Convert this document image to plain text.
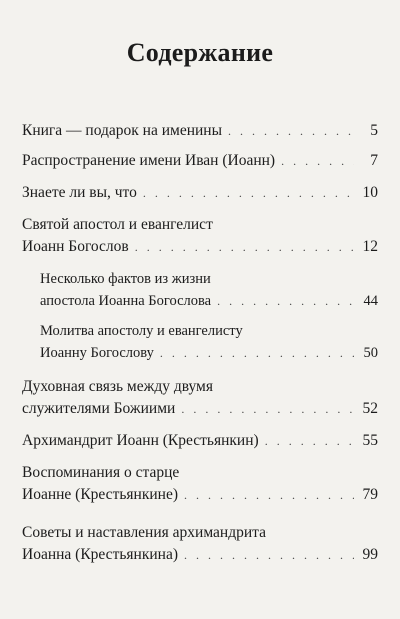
Содержание
Книга — подарок на именины . . .	5
Распространение имени Иван (Иоанн) . . .	7
Знаете ли вы, что . . .	10
Святой апостол и евангелист
Иоанн Богослов . . .	12
Несколько фактов из жизни
апостола Иоанна Богослова . . .	44
Молитва апостолу и евангелисту
Иоанну Богослову . . .	50
Духовная связь между двумя
служителями Божиими . . .	52
Архимандрит Иоанн (Крестьянкин) . . .	55
Воспоминания о старце
Иоанне (Крестьянкине) . . .	79
Советы и наставления архимандрита
Иоанна (Крестьянкина) . . .	99
